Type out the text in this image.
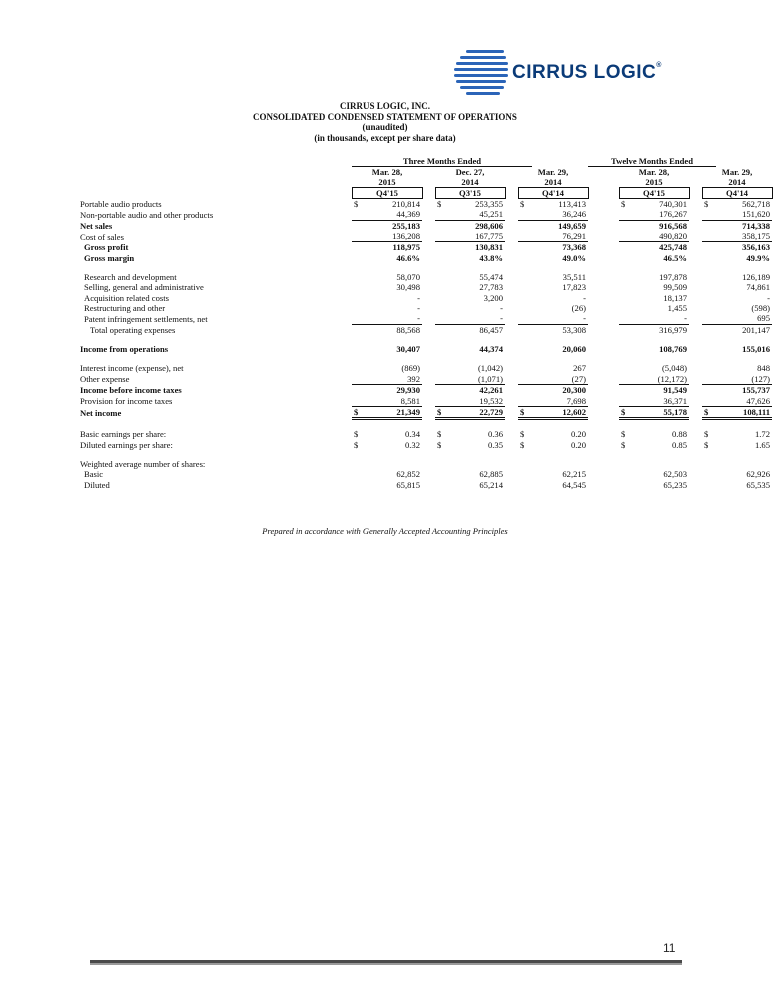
CIRRUS LOGIC®
CIRRUS LOGIC, INC.
CONSOLIDATED CONDENSED STATEMENT OF OPERATIONS
(unaudited)
(in thousands, except per share data)
	Three Months Ended								Twelve Months Ended					
	Mar. 28,			Dec. 27,			Mar. 29,			Mar. 28,			Mar. 29,	
	2015			2014			2014			2015			2014	
	Q4'15			Q3'15			Q4'14			Q4'15			Q4'14	
Portable audio products	$	210,814		$	253,355		$	113,413		$	740,301		$	562,718
Non-portable audio and other products		44,369			45,251			36,246			176,267			151,620
Net sales		255,183			298,606			149,659			916,568			714,338
Cost of sales		136,208			167,775			76,291			490,820			358,175
Gross profit		118,975			130,831			73,368			425,748			356,163
Gross margin		46.6%			43.8%			49.0%			46.5%			49.9%

Research and development		58,070			55,474			35,511			197,878			126,189
Selling, general and administrative		30,498			27,783			17,823			99,509			74,861
Acquisition related costs		-			3,200			-			18,137			-
Restructuring and other		-			-			(26)			1,455			(598)
Patent infringement settlements, net		-			-			-			-			695
Total operating expenses		88,568			86,457			53,308			316,979			201,147

Income from operations		30,407			44,374			20,060			108,769			155,016

Interest income (expense), net		(869)			(1,042)			267			(5,048)			848
Other expense		392			(1,071)			(27)			(12,172)			(127)
Income before income taxes		29,930			42,261			20,300			91,549			155,737
Provision for income taxes		8,581			19,532			7,698			36,371			47,626
Net income	$	21,349		$	22,729		$	12,602		$	55,178		$	108,111

Basic earnings per share:	$	0.34		$	0.36		$	0.20		$	0.88		$	1.72
Diluted earnings per share:	$	0.32		$	0.35		$	0.20		$	0.85		$	1.65

Weighted average number of shares:														
Basic		62,852			62,885			62,215			62,503			62,926
Diluted		65,815			65,214			64,545			65,235			65,535
Prepared in accordance with Generally Accepted Accounting Principles
11
